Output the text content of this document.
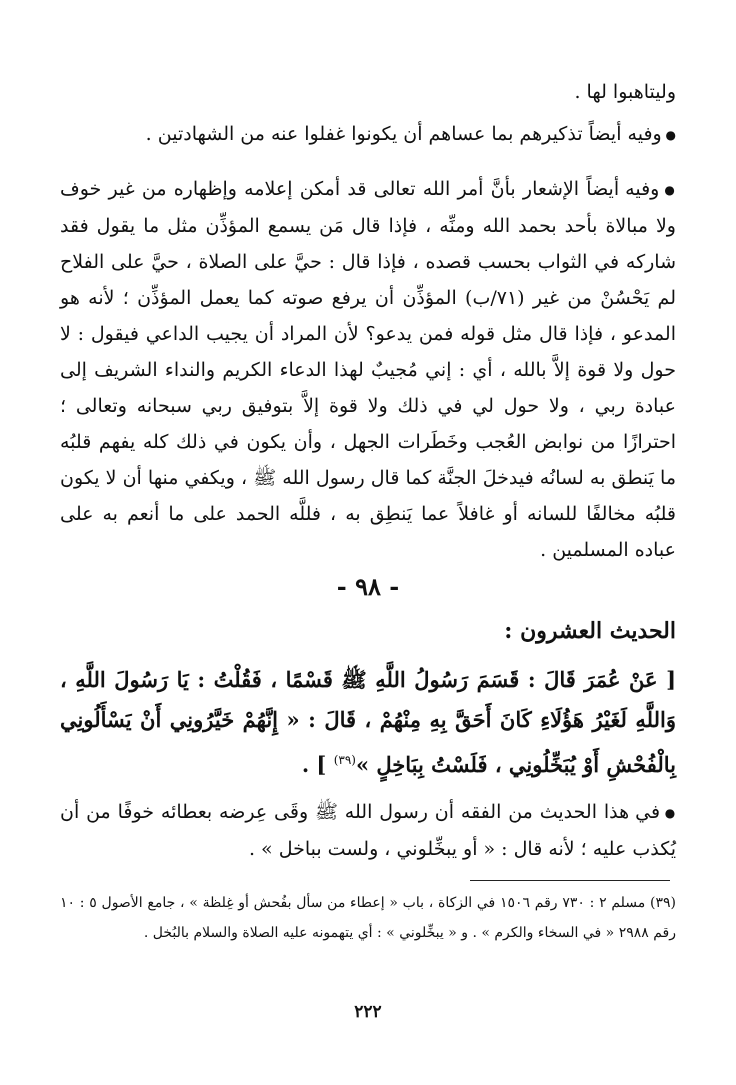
وليتاهبوا لها .

● وفيه أيضاً تذكيرهم بما عساهم أن يكونوا غفلوا عنه من الشهادتين .

● وفيه أيضاً الإشعار بأنَّ أمر الله تعالى قد أمكن إعلامه وإظهاره من غير خوف ولا مبالاة بأحد بحمد الله ومنِّه ، فإذا قال مَن يسمع المؤذِّن مثل ما يقول فقد شاركه في الثواب بحسب قصده ، فإذا قال : حيَّ على الصلاة ، حيَّ على الفلاح لم يَحْسُنْ من غير (٧١/ب) المؤذِّن أن يرفع صوته كما يعمل المؤذِّن ؛ لأنه هو المدعو ، فإذا قال مثل قوله فمن يدعو؟ لأن المراد أن يجيب الداعي فيقول : لا حول ولا قوة إلاَّ بالله ، أي : إني مُجيبٌ لهذا الدعاء الكريم والنداء الشريف إلى عبادة ربي ، ولا حول لي في ذلك ولا قوة إلاَّ بتوفيق ربي سبحانه وتعالى ؛ احترازًا من نوابض العُجب وخَطَرات الجهل ، وأن يكون في ذلك كله يفهم قلبُه ما يَنطق به لسانُه فيدخلَ الجنَّة كما قال رسول الله ﷺ ، ويكفي منها أن لا يكون قلبُه مخالفًا للسانه أو غافلاً عما يَنطِق به ، فللَّه الحمد على ما أنعم به على عباده المسلمين .

- ٩٨ -
الحديث العشرون :
[ عَنْ عُمَرَ قَالَ : قَسَمَ رَسُولُ اللَّهِ ﷺ قَسْمًا ، فَقُلْتُ : يَا رَسُولَ اللَّهِ ، وَاللَّهِ لَغَيْرُ هَؤُلَاءِ كَانَ أَحَقَّ بِهِ مِنْهُمْ ، قَالَ : « إِنَّهُمْ خَيَّرُونِي أَنْ يَسْأَلُونِي بِالْفُحْشِ أَوْ يُبَخِّلُونِي ، فَلَسْتُ بِبَاخِلٍ »$^{(٣٩)}$ ] .

● في هذا الحديث من الفقه أن رسول الله ﷺ وقَى عِرضه بعطائه خوفًا من أن يُكذب عليه ؛ لأنه قال : « أو يبخِّلوني ، ولست بباخل » .

(٣٩) مسلم ٢ : ٧٣٠ رقم ١٥٠٦ في الزكاة ، باب « إعطاء من سأل بفُحش أو غِلظة » ، جامع الأصول ٥ : ١٠ رقم ٢٩٨٨ « في السخاء والكرم » . و « يبخِّلوني » : أي يتهمونه عليه الصلاة والسلام بالبُخل .
٢٢٢
